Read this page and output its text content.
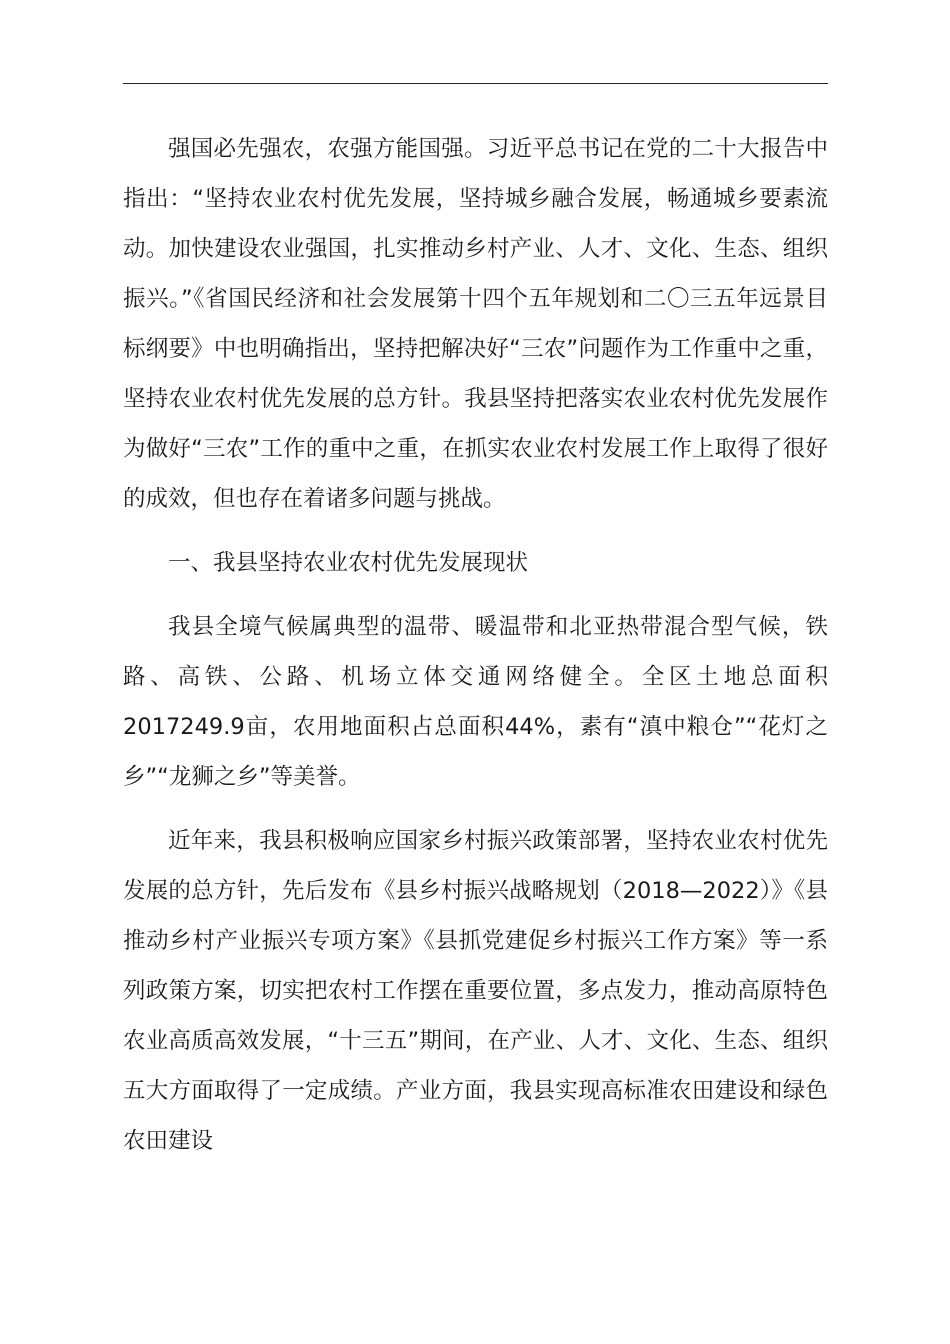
强国必先强农，农强方能国强。习近平总书记在党的二十大报告中指出：“坚持农业农村优先发展，坚持城乡融合发展，畅通城乡要素流动。加快建设农业强国，扎实推动乡村产业、人才、文化、生态、组织振兴。”《省国民经济和社会发展第十四个五年规划和二〇三五年远景目标纲要》中也明确指出，坚持把解决好“三农”问题作为工作重中之重，坚持农业农村优先发展的总方针。我县坚持把落实农业农村优先发展作为做好“三农”工作的重中之重，在抓实农业农村发展工作上取得了很好的成效，但也存在着诸多问题与挑战。

一、我县坚持农业农村优先发展现状

我县全境气候属典型的温带、暖温带和北亚热带混合型气候，铁路、高铁、公路、机场立体交通网络健全。全区土地总面积2017249.9亩，农用地面积占总面积44%，素有“滇中粮仓”“花灯之乡”“龙狮之乡”等美誉。

近年来，我县积极响应国家乡村振兴政策部署，坚持农业农村优先发展的总方针，先后发布《县乡村振兴战略规划（2018—2022）》《县推动乡村产业振兴专项方案》《县抓党建促乡村振兴工作方案》等一系列政策方案，切实把农村工作摆在重要位置，多点发力，推动高原特色农业高质高效发展，“十三五”期间，在产业、人才、文化、生态、组织五大方面取得了一定成绩。产业方面，我县实现高标准农田建设和绿色农田建设
